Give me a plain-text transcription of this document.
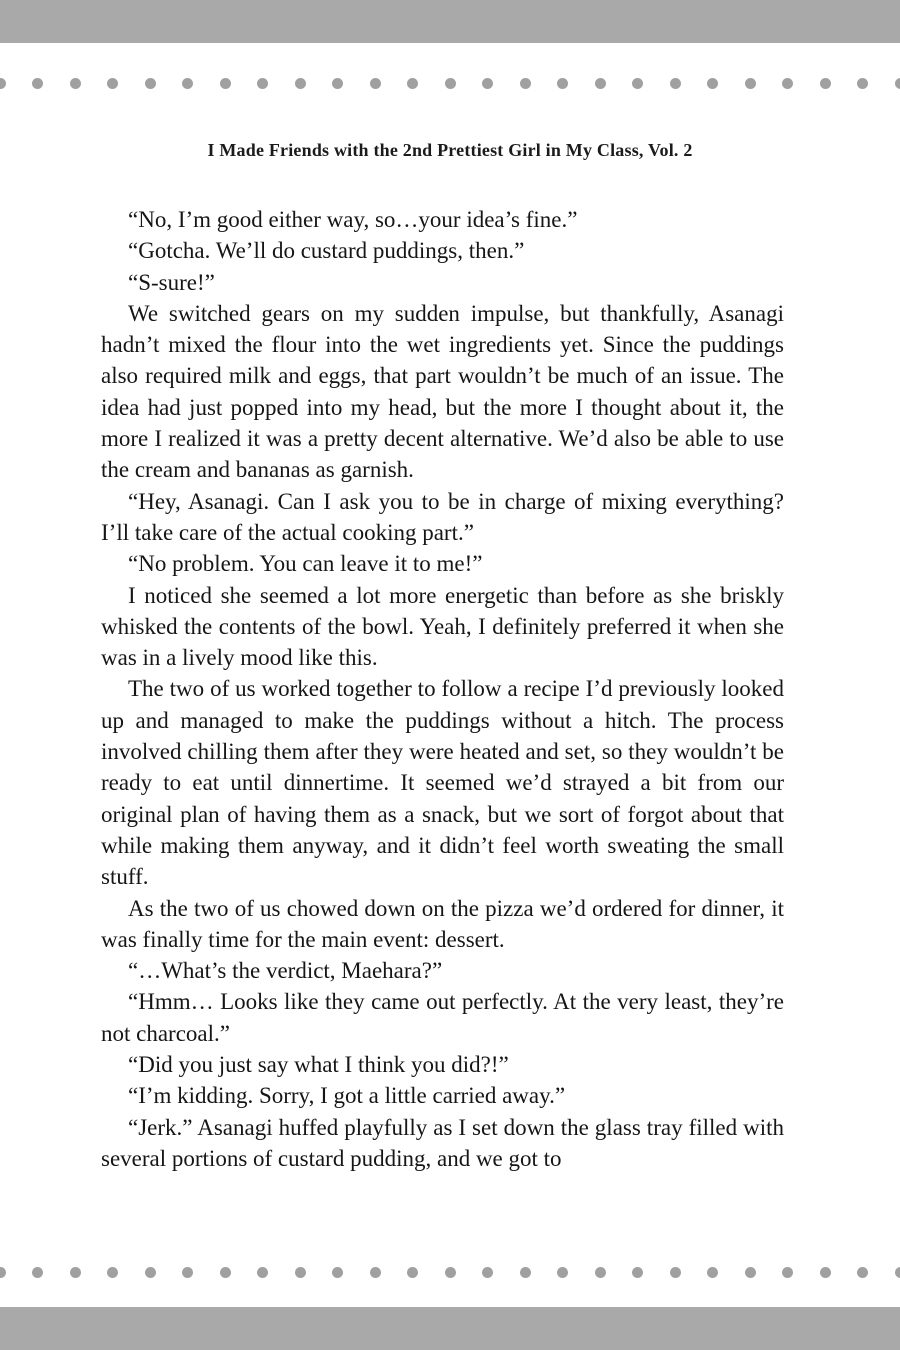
I Made Friends with the 2nd Prettiest Girl in My Class, Vol. 2

“No, I’m good either way, so…your idea’s fine.”

“Gotcha. We’ll do custard puddings, then.”

“S-sure!”

We switched gears on my sudden impulse, but thankfully, Asanagi hadn’t mixed the flour into the wet ingredients yet. Since the puddings also required milk and eggs, that part wouldn’t be much of an issue. The idea had just popped into my head, but the more I thought about it, the more I realized it was a pretty decent alternative. We’d also be able to use the cream and bananas as garnish.

“Hey, Asanagi. Can I ask you to be in charge of mixing everything? I’ll take care of the actual cooking part.”

“No problem. You can leave it to me!”

I noticed she seemed a lot more energetic than before as she briskly whisked the contents of the bowl. Yeah, I definitely preferred it when she was in a lively mood like this.

The two of us worked together to follow a recipe I’d previously looked up and managed to make the puddings without a hitch. The process involved chilling them after they were heated and set, so they wouldn’t be ready to eat until dinnertime. It seemed we’d strayed a bit from our original plan of having them as a snack, but we sort of forgot about that while making them anyway, and it didn’t feel worth sweating the small stuff.

As the two of us chowed down on the pizza we’d ordered for dinner, it was finally time for the main event: dessert.

“…What’s the verdict, Maehara?”

“Hmm… Looks like they came out perfectly. At the very least, they’re not charcoal.”

“Did you just say what I think you did?!”

“I’m kidding. Sorry, I got a little carried away.”

“Jerk.” Asanagi huffed playfully as I set down the glass tray filled with several portions of custard pudding, and we got to
